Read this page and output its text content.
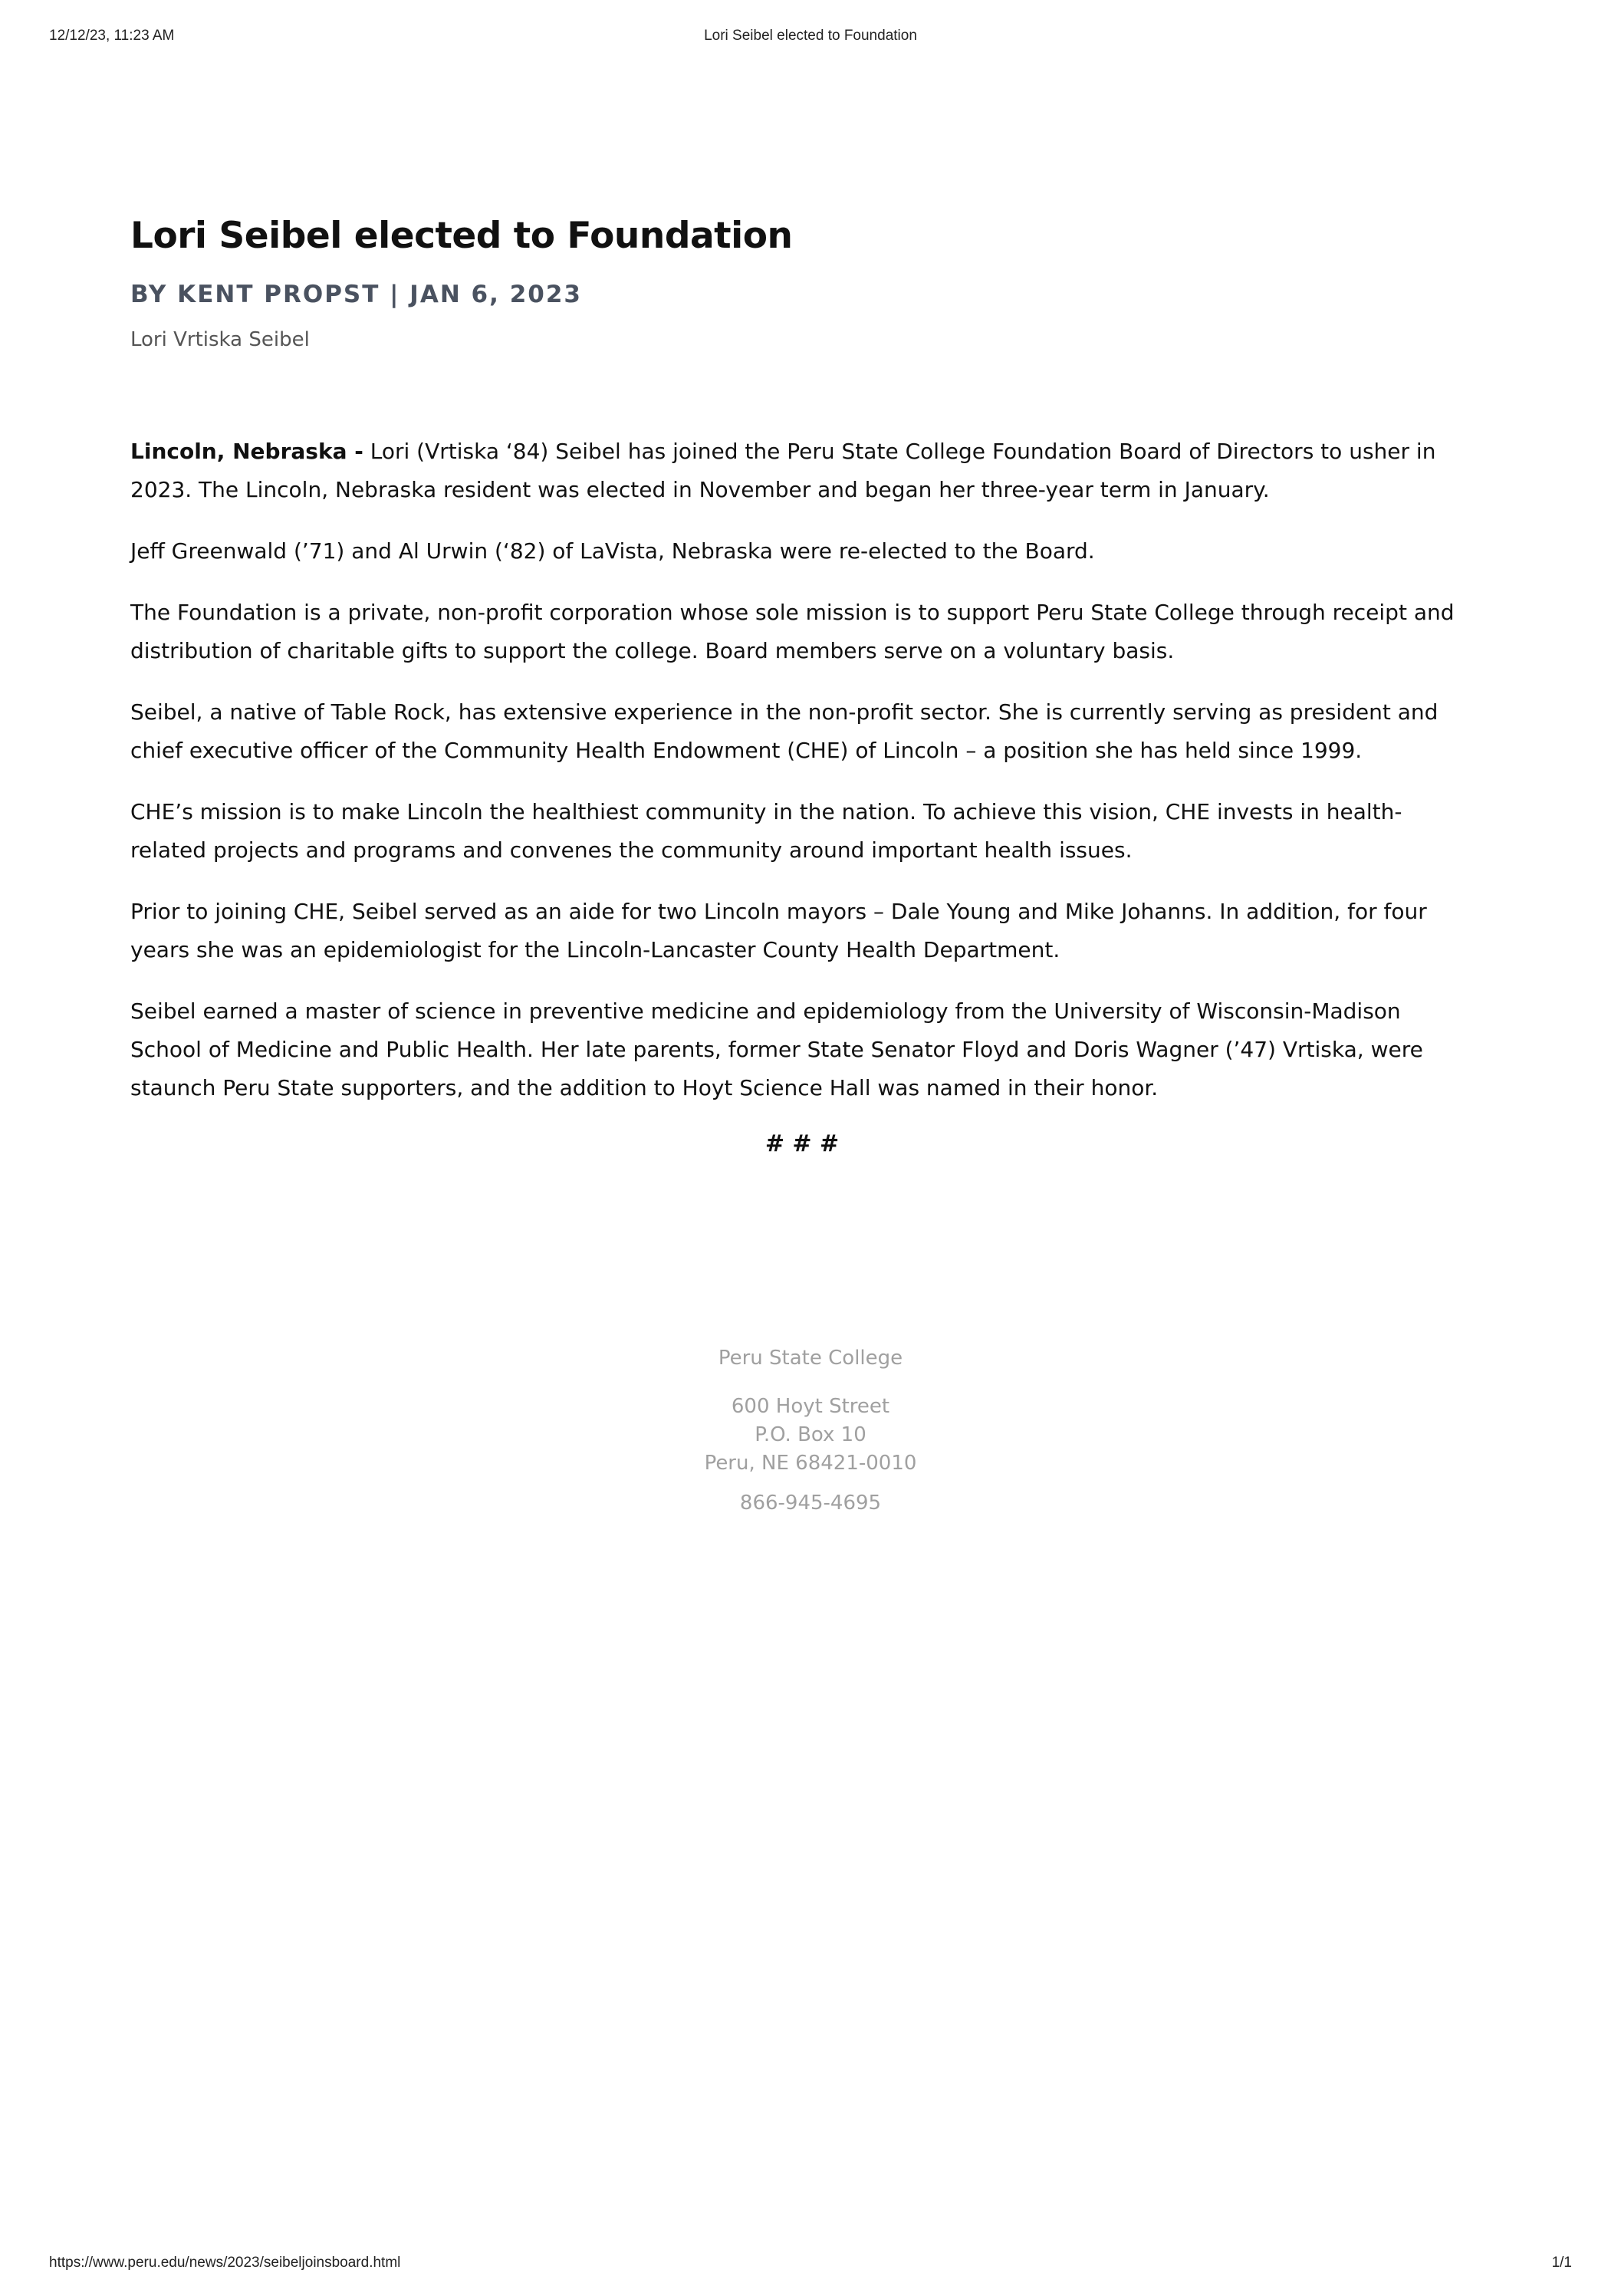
12/12/23, 11:23 AM	Lori Seibel elected to Foundation
Lori Seibel elected to Foundation
BY KENT PROPST | JAN 6, 2023
Lori Vrtiska Seibel

Lincoln, Nebraska - Lori (Vrtiska ‘84) Seibel has joined the Peru State College Foundation Board of Directors to usher in 2023. The Lincoln, Nebraska resident was elected in November and began her three-year term in January.

Jeff Greenwald (’71) and Al Urwin (‘82) of LaVista, Nebraska were re-elected to the Board.

The Foundation is a private, non-profit corporation whose sole mission is to support Peru State College through receipt and distribution of charitable gifts to support the college. Board members serve on a voluntary basis.

Seibel, a native of Table Rock, has extensive experience in the non-profit sector. She is currently serving as president and chief executive officer of the Community Health Endowment (CHE) of Lincoln – a position she has held since 1999.

CHE’s mission is to make Lincoln the healthiest community in the nation. To achieve this vision, CHE invests in health-related projects and programs and convenes the community around important health issues.

Prior to joining CHE, Seibel served as an aide for two Lincoln mayors – Dale Young and Mike Johanns. In addition, for four years she was an epidemiologist for the Lincoln-Lancaster County Health Department.

Seibel earned a master of science in preventive medicine and epidemiology from the University of Wisconsin-Madison School of Medicine and Public Health. Her late parents, former State Senator Floyd and Doris Wagner (’47) Vrtiska, were staunch Peru State supporters, and the addition to Hoyt Science Hall was named in their honor.

# # #
Peru State College
600 Hoyt Street
P.O. Box 10
Peru, NE 68421-0010
866-945-4695
https://www.peru.edu/news/2023/seibeljoinsboard.html	1/1
